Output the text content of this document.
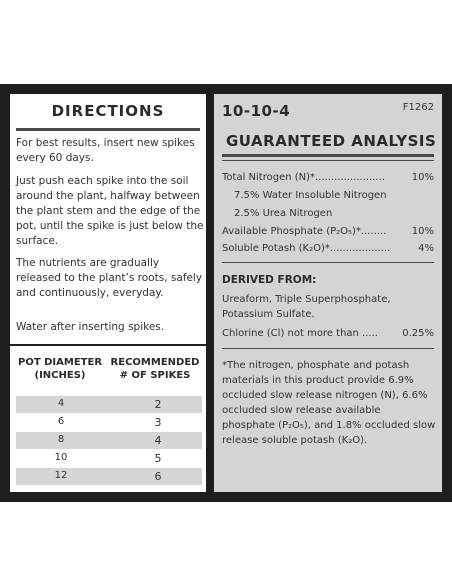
DIRECTIONS
For best results, insert new spikes every 60 days.
Just push each spike into the soil around the plant, halfway between the plant stem and the edge of the pot, until the spike is just below the surface.
The nutrients are gradually released to the plant’s roots, safely and continuously, everyday.
Water after inserting spikes.
POT DIAMETER (INCHES)
RECOMMENDED # OF SPIKES
4	2
6	3
8	4
10	5
12	6
10-10-4	F1262
GUARANTEED ANALYSIS
Total Nitrogen (N)*......................	10%
7.5% Water Insoluble Nitrogen
2.5% Urea Nitrogen
Available Phosphate (P₂O₅)*........	10%
Soluble Potash (K₂O)*...................	4%
DERIVED FROM:
Ureaform, Triple Superphosphate, Potassium Sulfate.
Chlorine (Cl) not more than ..... 0.25%
*The nitrogen, phosphate and potash materials in this product provide 6.9% occluded slow release nitrogen (N), 6.6% occluded slow release available phosphate (P₂O₅), and 1.8% occluded slow release soluble potash (K₂O).
